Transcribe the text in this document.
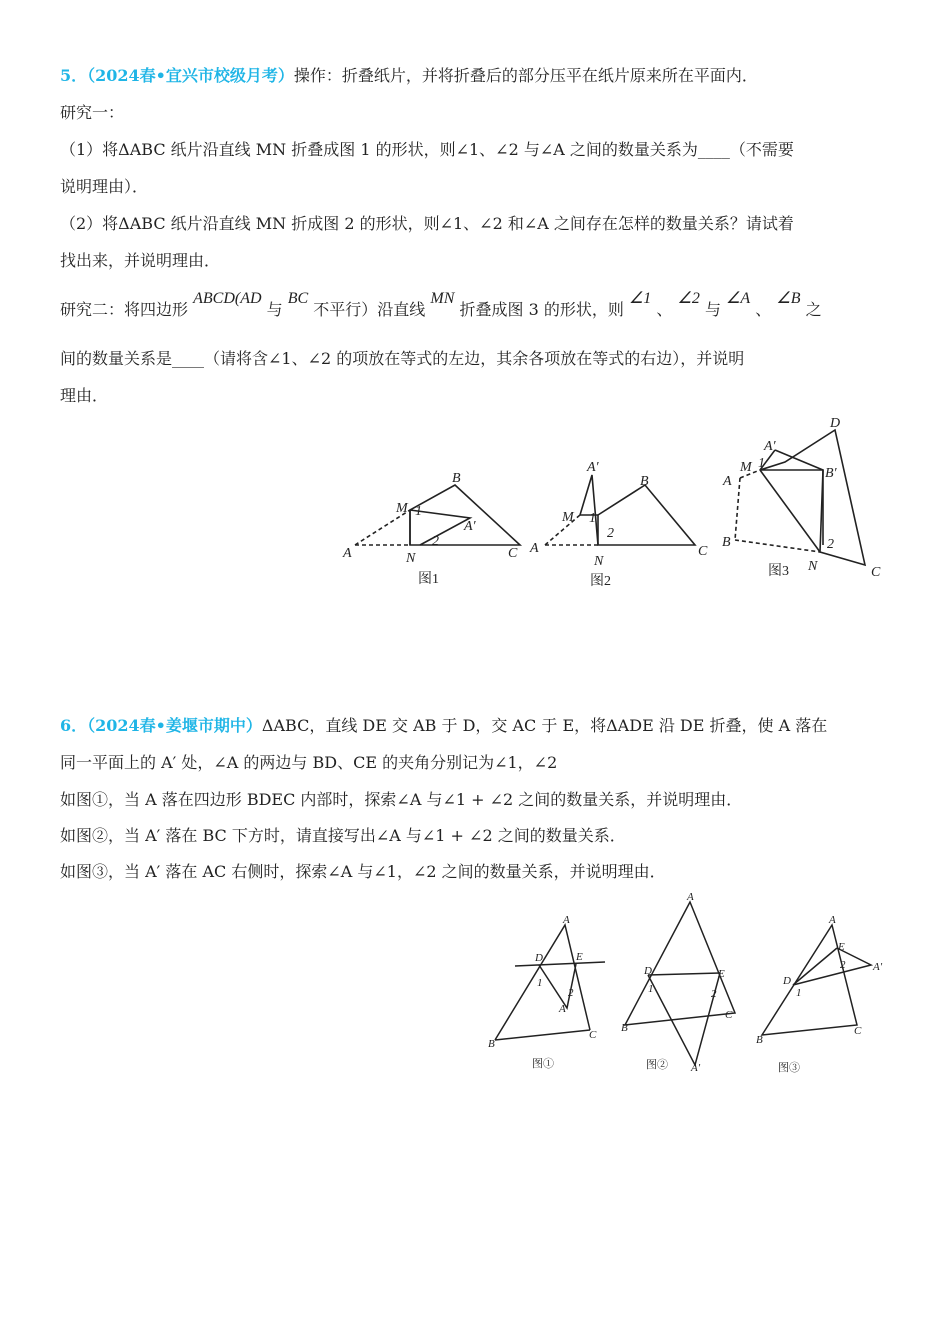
5．（2024春•宜兴市校级月考）操作：折叠纸片，并将折叠后的部分压平在纸片原来所在平面内．
研究一：
（1）将ΔABC 纸片沿直线 MN 折叠成图 1 的形状，则∠1、∠2 与∠A 之间的数量关系为____（不需要
说明理由）．
（2）将ΔABC 纸片沿直线 MN 折成图 2 的形状，则∠1、∠2 和∠A 之间存在怎样的数量关系？请试着
找出来，并说明理由．
研究二：将四边形 ABCD(AD 与 BC 不平行）沿直线 MN 折叠成图 3 的形状，则 ∠1 、 ∠2 与 ∠A 、 ∠B 之
间的数量关系是____（请将含∠1、∠2 的项放在等式的左边，其余各项放在等式的右边），并说明
理由．
B
M 1
A′
2
A	N	C
A′
B
M 1
2
A
N
C
D
A′
M 1
A
B′
B	2
N	C
图1	图2
图3
6．（2024春•姜堰市期中）ΔABC，直线 DE 交 AB 于 D，交 AC 于 E，将ΔADE 沿 DE 折叠，使 A 落在
同一平面上的 A′ 处，∠A 的两边与 BD、CE 的夹角分别记为∠1，∠2
如图①，当 A 落在四边形 BDEC 内部时，探索∠A 与∠1 + ∠2 之间的数量关系，并说明理由．
如图②，当 A′ 落在 BC 下方时，请直接写出∠A 与∠1 + ∠2 之间的数量关系．
如图③，当 A′ 落在 AC 右侧时，探索∠A 与∠1，∠2 之间的数量关系，并说明理由．
A
D	E
1
2
A′
B
C
A
D	E
1	2
B
C
A′
A
E
2	A′
D
1
B
C
图①	图②	图③
